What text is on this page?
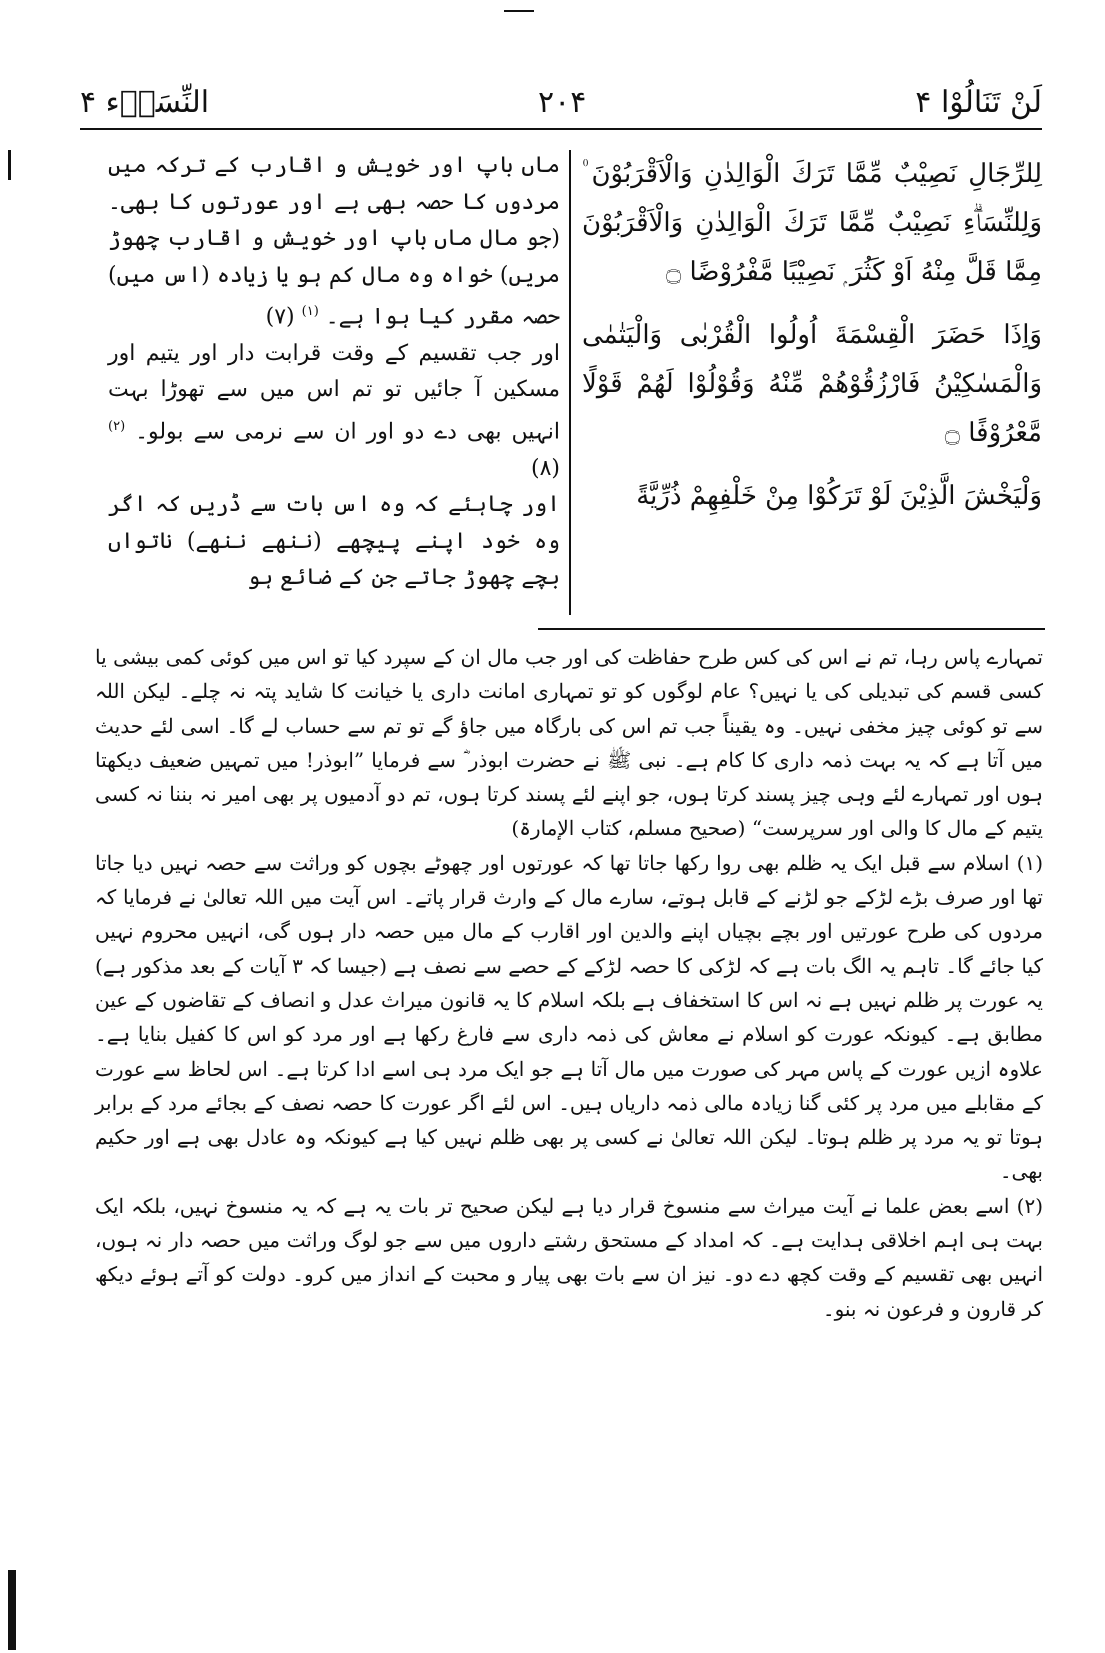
النِّسَاۗء ۴	۲۰۴	لَنْ تَنَالُوْا ۴

لِلرِّجَالِ نَصِيْبٌ مِّمَّا تَرَكَ الْوَالِدٰنِ وَالْاَقْرَبُوْنَ ۠ وَلِلنِّسَاۗءِ نَصِيْبٌ مِّمَّا تَرَكَ الْوَالِدٰنِ وَالْاَقْرَبُوْنَ مِمَّا قَلَّ مِنْهُ اَوْ كَثُرَ ۭ نَصِيْبًا مَّفْرُوْضًا ۝

وَاِذَا حَضَرَ الْقِسْمَةَ اُولُوا الْقُرْبٰى وَالْيَتٰمٰى وَالْمَسٰكِيْنُ فَارْزُقُوْھُمْ مِّنْهُ وَقُوْلُوْا لَھُمْ قَوْلًا مَّعْرُوْفًا ۝

وَلْيَخْشَ الَّذِيْنَ لَوْ تَرَكُوْا مِنْ خَلْفِھِمْ ذُرِّيَّةً

ماں باپ اور خویش و اقارب کے ترکہ میں مردوں کا حصہ بھی ہے اور عورتوں کا بھی۔ (جو مال ماں باپ اور خویش و اقارب چھوڑ مریں) خواہ وہ مال کم ہو یا زیادہ (اس میں) حصہ مقرر کیا ہوا ہے۔ $^{(۱)}$ (۷)

اور جب تقسیم کے وقت قرابت دار اور یتیم اور مسکین آ جائیں تو تم اس میں سے تھوڑا بہت انہیں بھی دے دو اور ان سے نرمی سے بولو۔ $^{(۲)}$ (۸)

اور چاہئے کہ وہ اس بات سے ڈریں کہ اگر وہ خود اپنے پیچھے (ننھے ننھے) ناتواں بچے چھوڑ جاتے جن کے ضائع ہو

تمہارے پاس رہا، تم نے اس کی کس طرح حفاظت کی اور جب مال ان کے سپرد کیا تو اس میں کوئی کمی بیشی یا کسی قسم کی تبدیلی کی یا نہیں؟ عام لوگوں کو تو تمہاری امانت داری یا خیانت کا شاید پتہ نہ چلے۔ لیکن اللہ سے تو کوئی چیز مخفی نہیں۔ وہ یقیناً جب تم اس کی بارگاہ میں جاؤ گے تو تم سے حساب لے گا۔ اسی لئے حدیث میں آتا ہے کہ یہ بہت ذمہ داری کا کام ہے۔ نبی ﷺ نے حضرت ابوذر ؓ سے فرمایا ”ابوذر! میں تمہیں ضعیف دیکھتا ہوں اور تمہارے لئے وہی چیز پسند کرتا ہوں، جو اپنے لئے پسند کرتا ہوں، تم دو آدمیوں پر بھی امیر نہ بننا نہ کسی یتیم کے مال کا والی اور سرپرست“ (صحیح مسلم، کتاب الإمارۃ)

(۱) اسلام سے قبل ایک یہ ظلم بھی روا رکھا جاتا تھا کہ عورتوں اور چھوٹے بچوں کو وراثت سے حصہ نہیں دیا جاتا تھا اور صرف بڑے لڑکے جو لڑنے کے قابل ہوتے، سارے مال کے وارث قرار پاتے۔ اس آیت میں اللہ تعالیٰ نے فرمایا کہ مردوں کی طرح عورتیں اور بچے بچیاں اپنے والدین اور اقارب کے مال میں حصہ دار ہوں گی، انہیں محروم نہیں کیا جائے گا۔ تاہم یہ الگ بات ہے کہ لڑکی کا حصہ لڑکے کے حصے سے نصف ہے (جیسا کہ ۳ آیات کے بعد مذکور ہے) یہ عورت پر ظلم نہیں ہے نہ اس کا استخفاف ہے بلکہ اسلام کا یہ قانون میراث عدل و انصاف کے تقاضوں کے عین مطابق ہے۔ کیونکہ عورت کو اسلام نے معاش کی ذمہ داری سے فارغ رکھا ہے اور مرد کو اس کا کفیل بنایا ہے۔ علاوہ ازیں عورت کے پاس مہر کی صورت میں مال آتا ہے جو ایک مرد ہی اسے ادا کرتا ہے۔ اس لحاظ سے عورت کے مقابلے میں مرد پر کئی گنا زیادہ مالی ذمہ داریاں ہیں۔ اس لئے اگر عورت کا حصہ نصف کے بجائے مرد کے برابر ہوتا تو یہ مرد پر ظلم ہوتا۔ لیکن اللہ تعالیٰ نے کسی پر بھی ظلم نہیں کیا ہے کیونکہ وہ عادل بھی ہے اور حکیم بھی۔

(۲) اسے بعض علما نے آیت میراث سے منسوخ قرار دیا ہے لیکن صحیح تر بات یہ ہے کہ یہ منسوخ نہیں، بلکہ ایک بہت ہی اہم اخلاقی ہدایت ہے۔ کہ امداد کے مستحق رشتے داروں میں سے جو لوگ وراثت میں حصہ دار نہ ہوں، انہیں بھی تقسیم کے وقت کچھ دے دو۔ نیز ان سے بات بھی پیار و محبت کے انداز میں کرو۔ دولت کو آتے ہوئے دیکھ کر قارون و فرعون نہ بنو۔
